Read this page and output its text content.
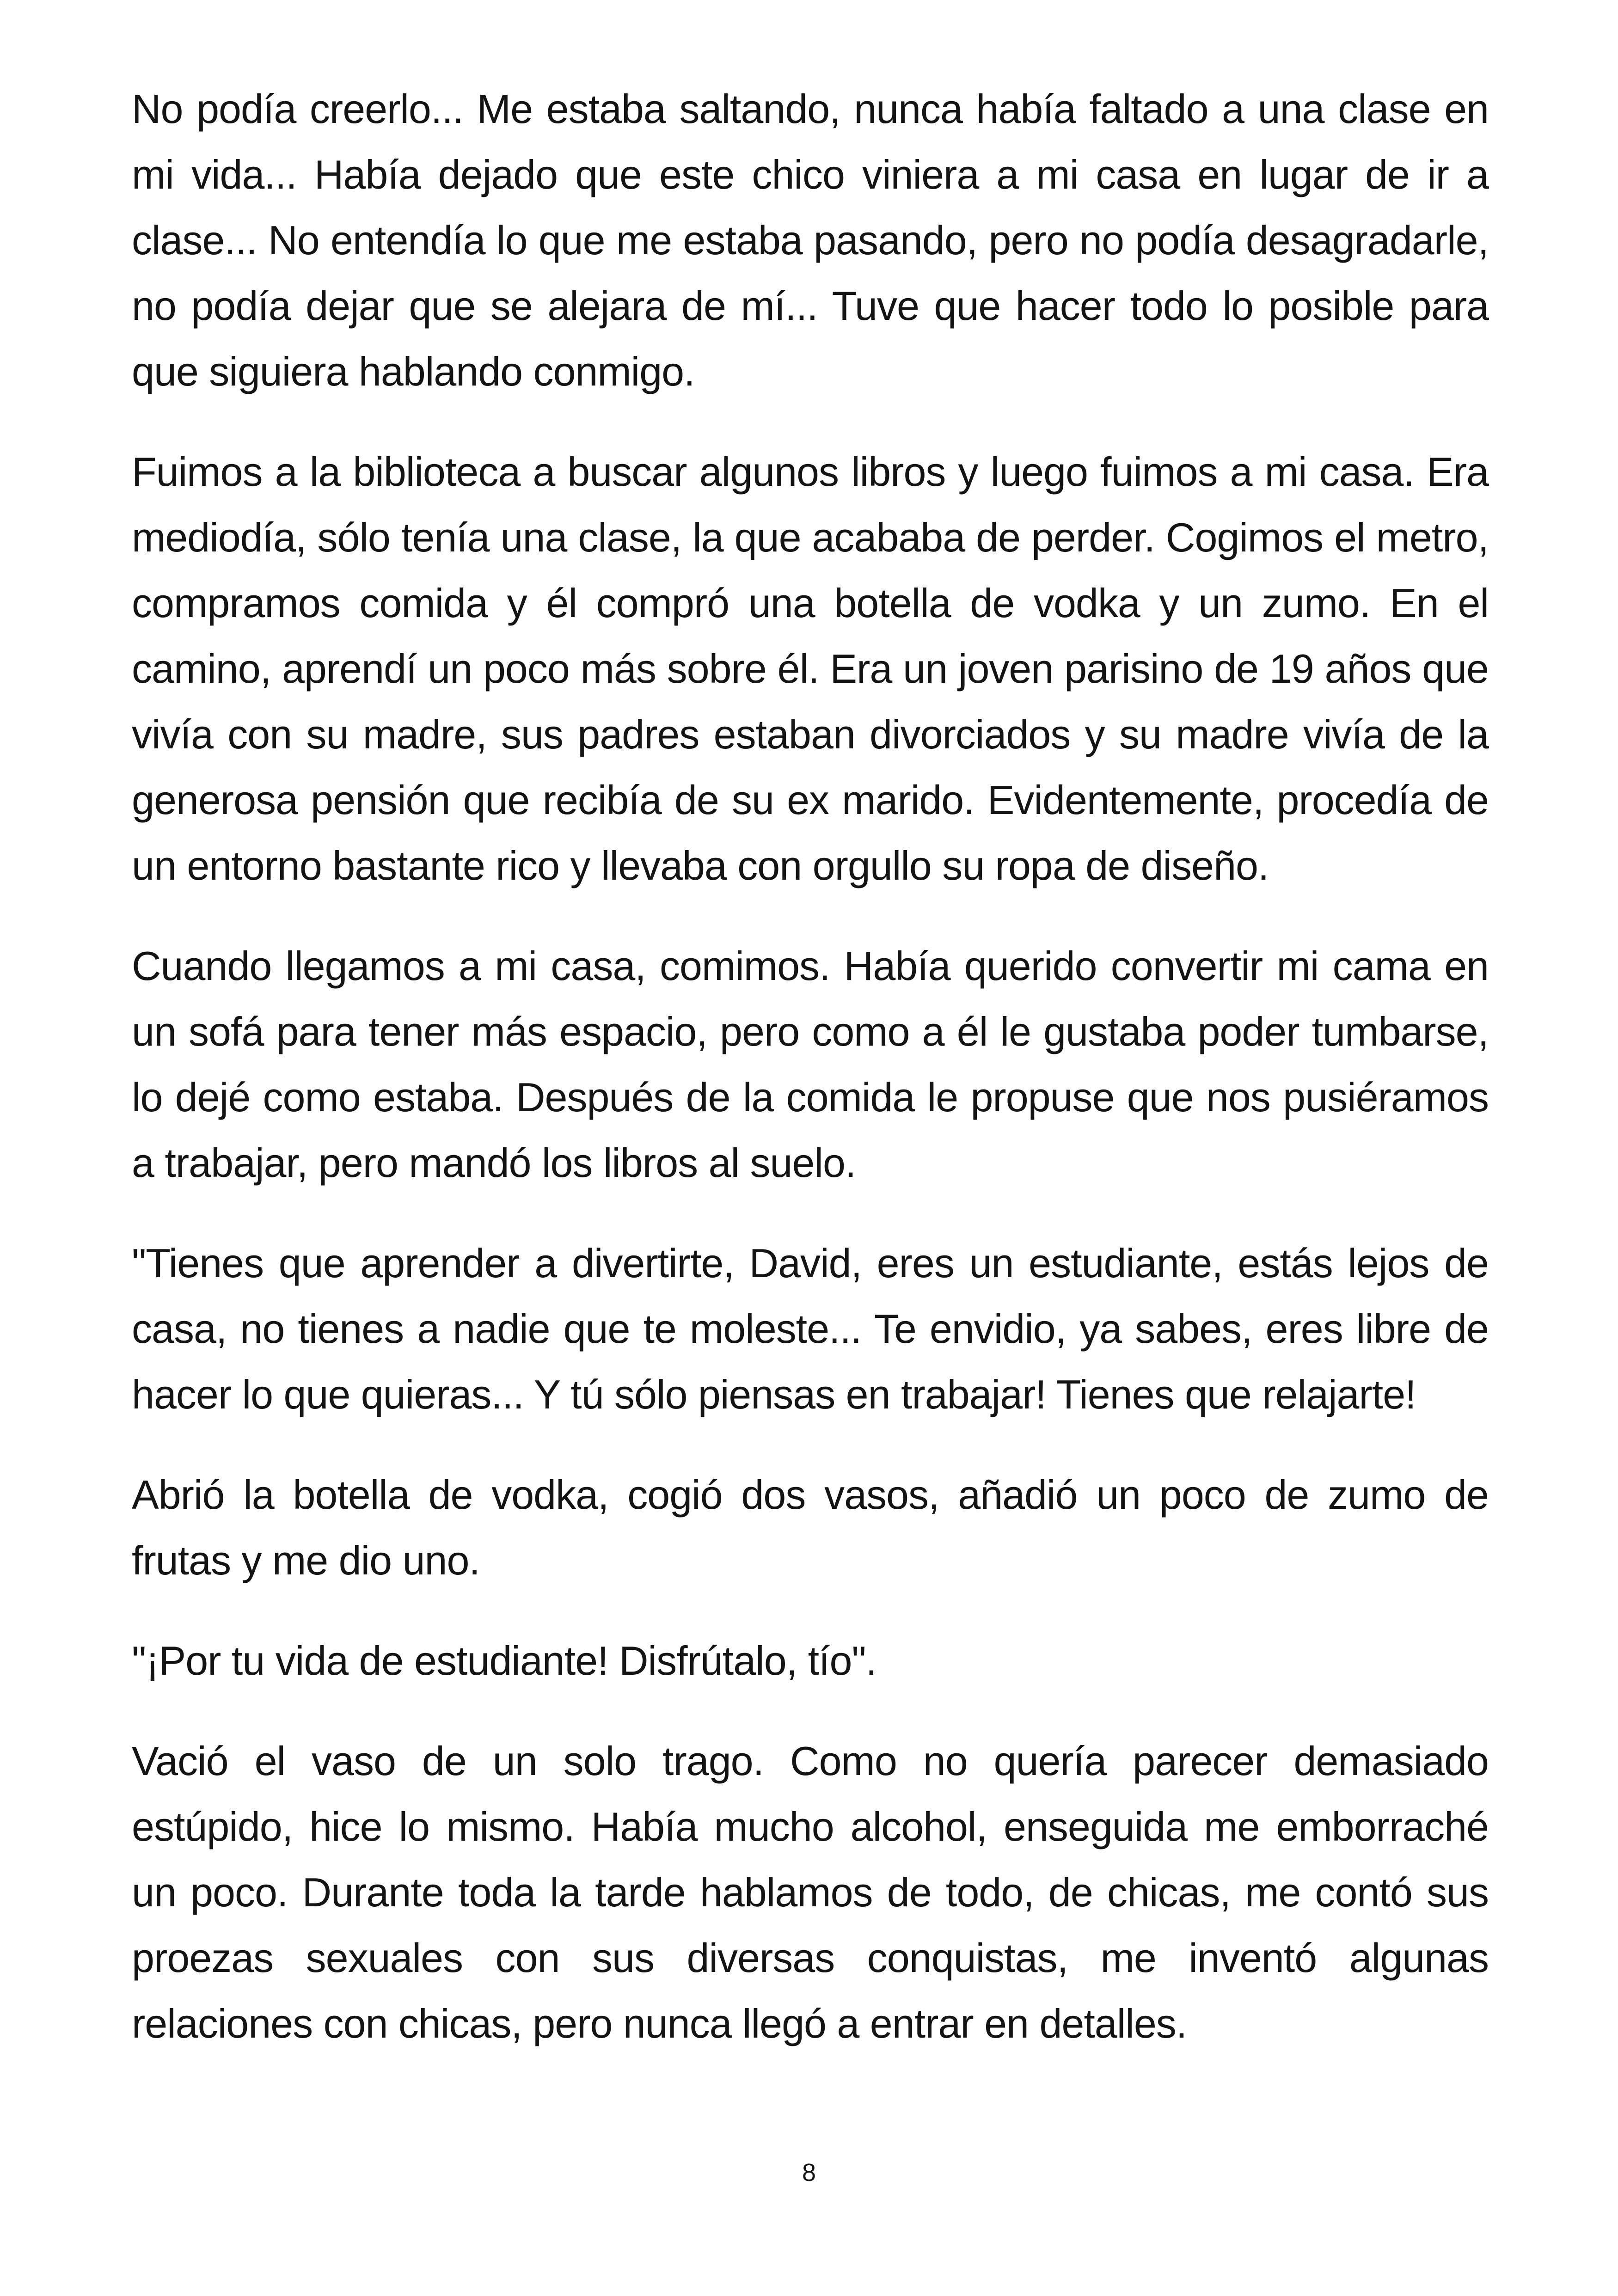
No podía creerlo... Me estaba saltando, nunca había faltado a una clase en mi vida... Había dejado que este chico viniera a mi casa en lugar de ir a clase... No entendía lo que me estaba pasando, pero no podía desagradarle, no podía dejar que se alejara de mí... Tuve que hacer todo lo posible para que siguiera hablando conmigo.

Fuimos a la biblioteca a buscar algunos libros y luego fuimos a mi casa. Era mediodía, sólo tenía una clase, la que acababa de perder. Cogimos el metro, compramos comida y él compró una botella de vodka y un zumo. En el camino, aprendí un poco más sobre él. Era un joven parisino de 19 años que vivía con su madre, sus padres estaban divorciados y su madre vivía de la generosa pensión que recibía de su ex marido. Evidentemente, procedía de un entorno bastante rico y llevaba con orgullo su ropa de diseño.

Cuando llegamos a mi casa, comimos. Había querido convertir mi cama en un sofá para tener más espacio, pero como a él le gustaba poder tumbarse, lo dejé como estaba. Después de la comida le propuse que nos pusiéramos a trabajar, pero mandó los libros al suelo.

"Tienes que aprender a divertirte, David, eres un estudiante, estás lejos de casa, no tienes a nadie que te moleste... Te envidio, ya sabes, eres libre de hacer lo que quieras... Y tú sólo piensas en trabajar! Tienes que relajarte!

Abrió la botella de vodka, cogió dos vasos, añadió un poco de zumo de frutas y me dio uno.

"¡Por tu vida de estudiante! Disfrútalo, tío".

Vació el vaso de un solo trago. Como no quería parecer demasiado estúpido, hice lo mismo. Había mucho alcohol, enseguida me emborraché un poco. Durante toda la tarde hablamos de todo, de chicas, me contó sus proezas sexuales con sus diversas conquistas, me inventó algunas relaciones con chicas, pero nunca llegó a entrar en detalles.

8
